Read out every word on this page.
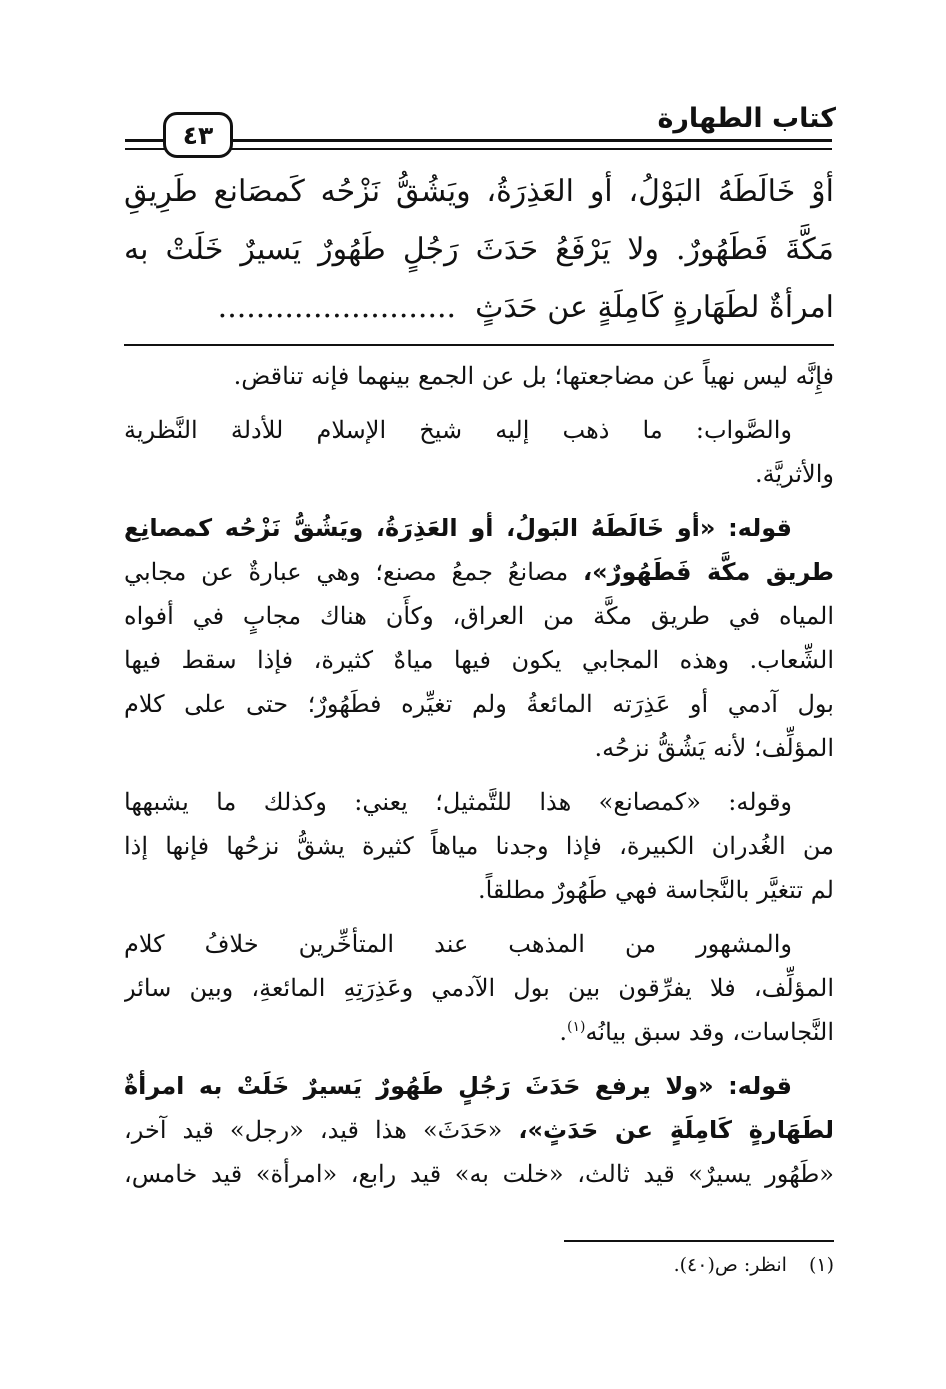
كتاب الطهارة
٤٣
أوْ خَالَطَهُ البَوْلُ، أو العَذِرَةُ، ويَشُقُّ نَزْحُه كَمصَانع طَرِيقِ
مَكَّةَ فَطَهُورٌ. ولا يَرْفَعُ حَدَثَ رَجُلٍ طَهُورٌ يَسيرٌ خَلَتْ به
امرأةٌ لطَهَارةٍ كَامِلَةٍ عن حَدَثٍ  .........................
فإِنَّه ليس نهياً عن مضاجعتها؛ بل عن الجمع بينهما فإنه تناقض.
والصَّواب: ما ذهب إليه شيخ الإسلام للأدلة النَّظرية
والأثريَّة.
قوله: «أو خَالَطَهُ البَولُ، أو العَذِرَةُ، ويَشُقُّ نَزْحُه كمصانِع
طريق مكَّة فَطَهُورٌ»، مصانعُ جمعُ مصنع؛ وهي عبارةٌ عن مجابي
المياه في طريق مكَّة من العراق، وكأَن هناك مجابٍ في أفواه
الشِّعاب. وهذه المجابي يكون فيها مياهٌ كثيرة، فإذا سقط فيها
بول آدمي أو عَذِرَته المائعةُ ولم تغيِّره فطَهُورٌ؛ حتى على كلام
المؤلِّف؛ لأنه يَشُقُّ نزحُه.
وقوله: «كمصانع» هذا للتَّمثيل؛ يعني: وكذلك ما يشبهها
من الغُدران الكبيرة، فإذا وجدنا مياهاً كثيرة يشقُّ نزحُها فإنها إذا
لم تتغيَّر بالنَّجاسة فهي طَهُورٌ مطلقاً.
والمشهور من المذهب عند المتأخِّرين خلافُ كلام
المؤلِّف، فلا يفرِّقون بين بول الآدمي وعَذِرَتِهِ المائعةِ، وبين سائر
النَّجاسات، وقد سبق بيانُه$^{(١)}$.
قوله: «ولا يرفع حَدَثَ رَجُلٍ طَهُورٌ يَسيرٌ خَلَتْ به امرأةٌ
لطَهَارةٍ كَامِلَةٍ عن حَدَثٍ»، «حَدَثَ» هذا قيد، «رجل» قيد آخر،
«طَهُور يسيرٌ» قيد ثالث، «خلت به» قيد رابع، «امرأة» قيد خامس،
(١)انظر: ص(٤٠).
